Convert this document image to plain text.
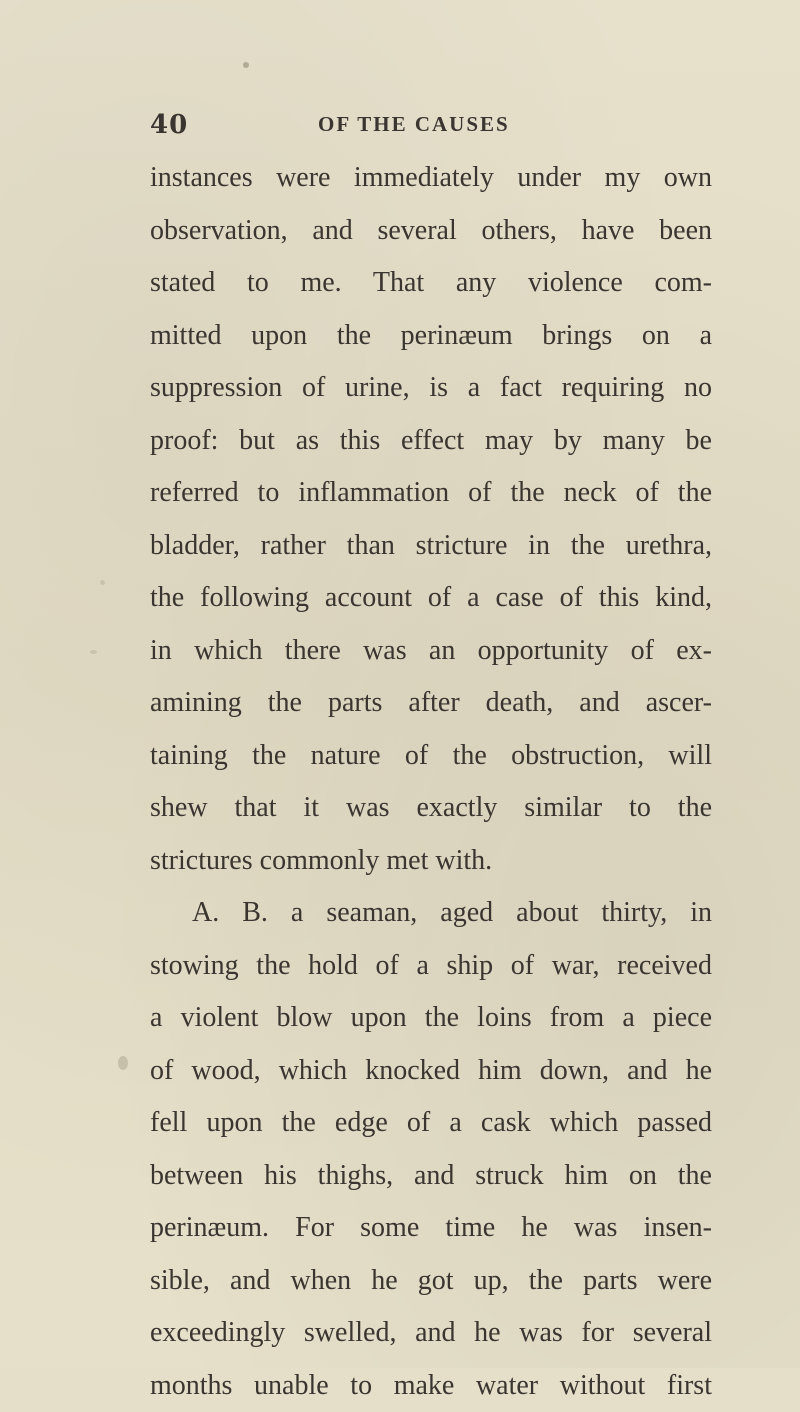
40	OF THE CAUSES
instances were immediately under my own
observation, and several others, have been
stated to me. That any violence com-
mitted upon the perinæum brings on a
suppression of urine, is a fact requiring no
proof: but as this effect may by many be
referred to inflammation of the neck of the
bladder, rather than stricture in the urethra,
the following account of a case of this kind,
in which there was an opportunity of ex-
amining the parts after death, and ascer-
taining the nature of the obstruction, will
shew that it was exactly similar to the
strictures commonly met with.
A. B. a seaman, aged about thirty, in
stowing the hold of a ship of war, received
a violent blow upon the loins from a piece
of wood, which knocked him down, and he
fell upon the edge of a cask which passed
between his thighs, and struck him on the
perinæum. For some time he was insen-
sible, and when he got up, the parts were
exceedingly swelled, and he was for several
months unable to make water without first
